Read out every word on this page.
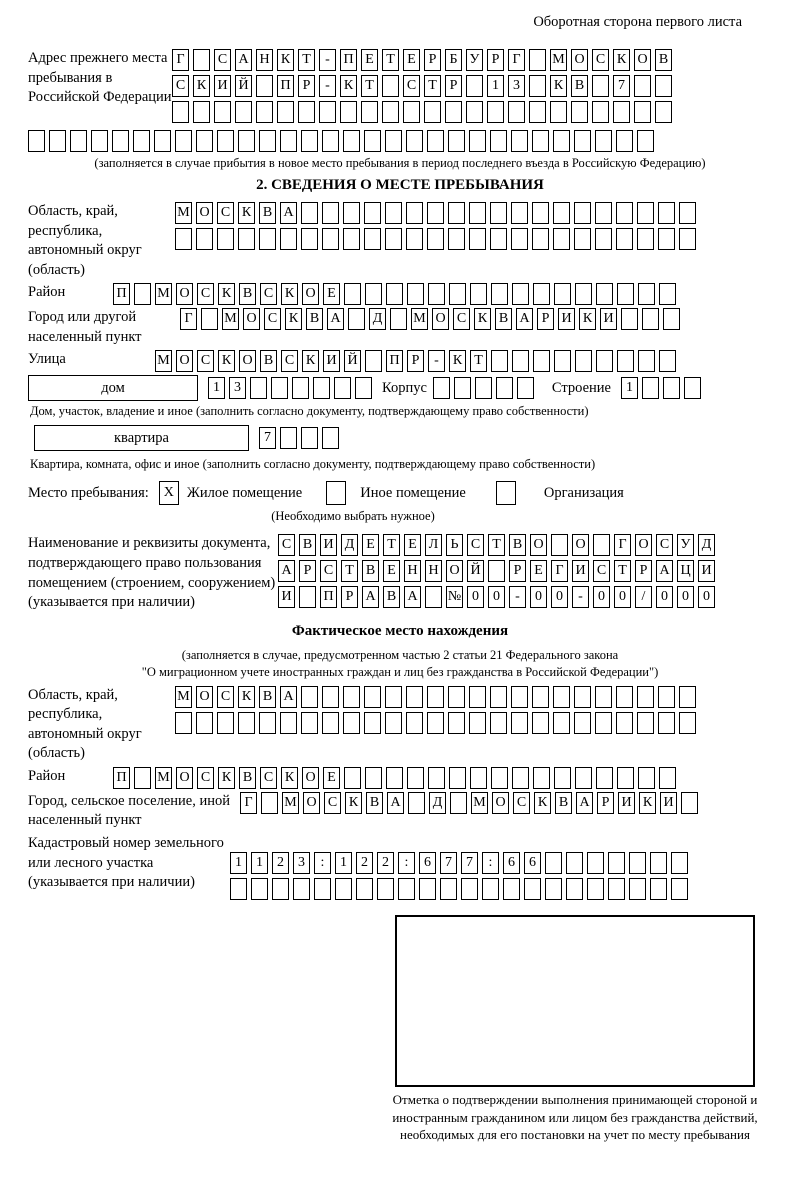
Оборотная сторона первого листа
Адрес прежнего места пребывания в Российской Федерации
Г	С А Н К Т	- П Е Т Е Р Б У Р Г	М О С К О В
С К И Й П Р	-	К Т	С Т Р	1	3	К В	7
(заполняется в случае прибытия в новое место пребывания в период последнего въезда в Российскую Федерацию)
2. СВЕДЕНИЯ О МЕСТЕ ПРЕБЫВАНИЯ
Область, край, республика, автономный округ (область)
М О С К В А
Район	П М О С К В С К О Е
Город или другой населенный пункт
Г	М О С К В А Д М О С К В А Р И К И
Улица	М О С К О В С К И Й П Р	-	К Т
дом	1	3	Корпус	Строение	1
Дом, участок, владение и иное (заполнить согласно документу, подтверждающему право собственности)
квартира	7
Квартира, комната, офис и иное (заполнить согласно документу, подтверждающему право собственности)
Место пребывания:	X Жилое помещение	Иное помещение	Организация
(Необходимо выбрать нужное)
Наименование и реквизиты документа, подтверждающего право пользования помещением (строением, сооружением) (указывается при наличии)
С В И Д Е Т Е Л Ь С Т В О О	Г О С У Д
А Р С Т В Е Н Н О Й	Р Е Г И С Т Р А Ц И
И П Р А В А № 0	0	-	0	0	-	0	0	/	0	0	0
Фактическое место нахождения
(заполняется в случае, предусмотренном частью 2 статьи 21 Федерального закона
"О миграционном учете иностранных граждан и лиц без гражданства в Российской Федерации")
Область, край, республика, автономный округ (область)
М О С К В А
Район	П М О С К В С К О Е
Город, сельское поселение, иной населенный пункт
Г	М О С К В А Д М О С К В А Р И К И
Кадастровый номер земельного или лесного участка (указывается при наличии)
1	1	2	3	:	1	2	2	:	6	7	7	:	6	6
Отметка о подтверждении выполнения принимающей стороной и иностранным гражданином или лицом без гражданства действий, необходимых для его постановки на учет по месту пребывания
